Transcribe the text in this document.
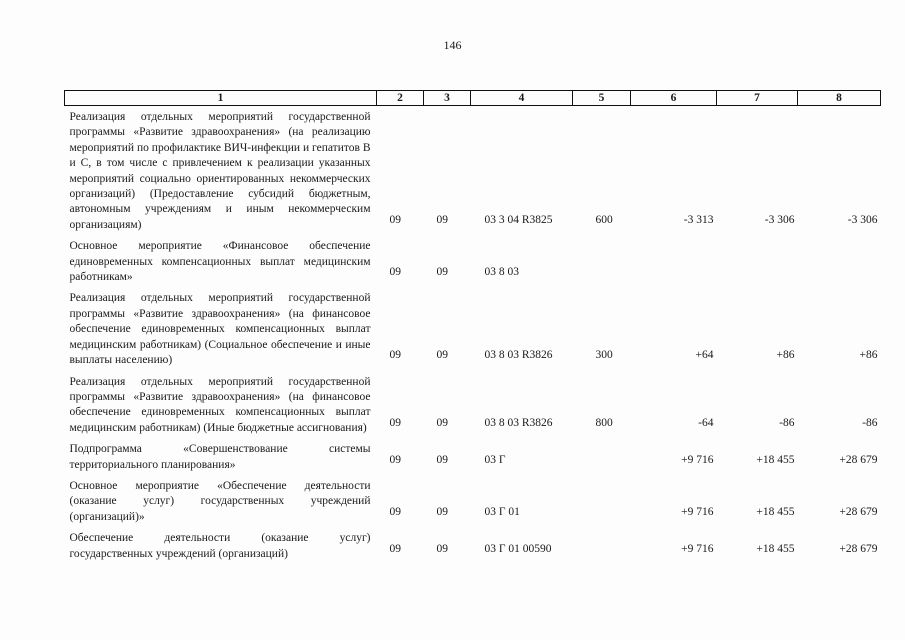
146
1	2	3	4	5	6	7	8
Реализация отдельных мероприятий государственной программы «Развитие здравоохранения» (на реализацию мероприятий по профилактике ВИЧ-инфекции и гепатитов В и С, в том числе с привлечением к реализации указанных мероприятий социально ориентированных некоммерческих организаций) (Предоставление субсидий бюджетным, автономным учреждениям и иным некоммерческим организациям)	09	09	03 3 04 R3825	600	-3 313	-3 306	-3 306
Основное мероприятие «Финансовое обеспечение единовременных компенсационных выплат медицинским работникам»	09	09	03 8 03				
Реализация отдельных мероприятий государственной программы «Развитие здравоохранения» (на финансовое обеспечение единовременных компенсационных выплат медицинским работникам) (Социальное обеспечение и иные выплаты населению)	09	09	03 8 03 R3826	300	+64	+86	+86
Реализация отдельных мероприятий государственной программы «Развитие здравоохранения» (на финансовое обеспечение единовременных компенсационных выплат медицинским работникам) (Иные бюджетные ассигнования)	09	09	03 8 03 R3826	800	-64	-86	-86
Подпрограмма «Совершенствование системы территориального планирования»	09	09	03 Г		+9 716	+18 455	+28 679
Основное мероприятие «Обеспечение деятельности (оказание услуг) государственных учреждений (организаций)»	09	09	03 Г 01		+9 716	+18 455	+28 679
Обеспечение деятельности (оказание услуг) государственных учреждений (организаций)	09	09	03 Г 01 00590		+9 716	+18 455	+28 679
